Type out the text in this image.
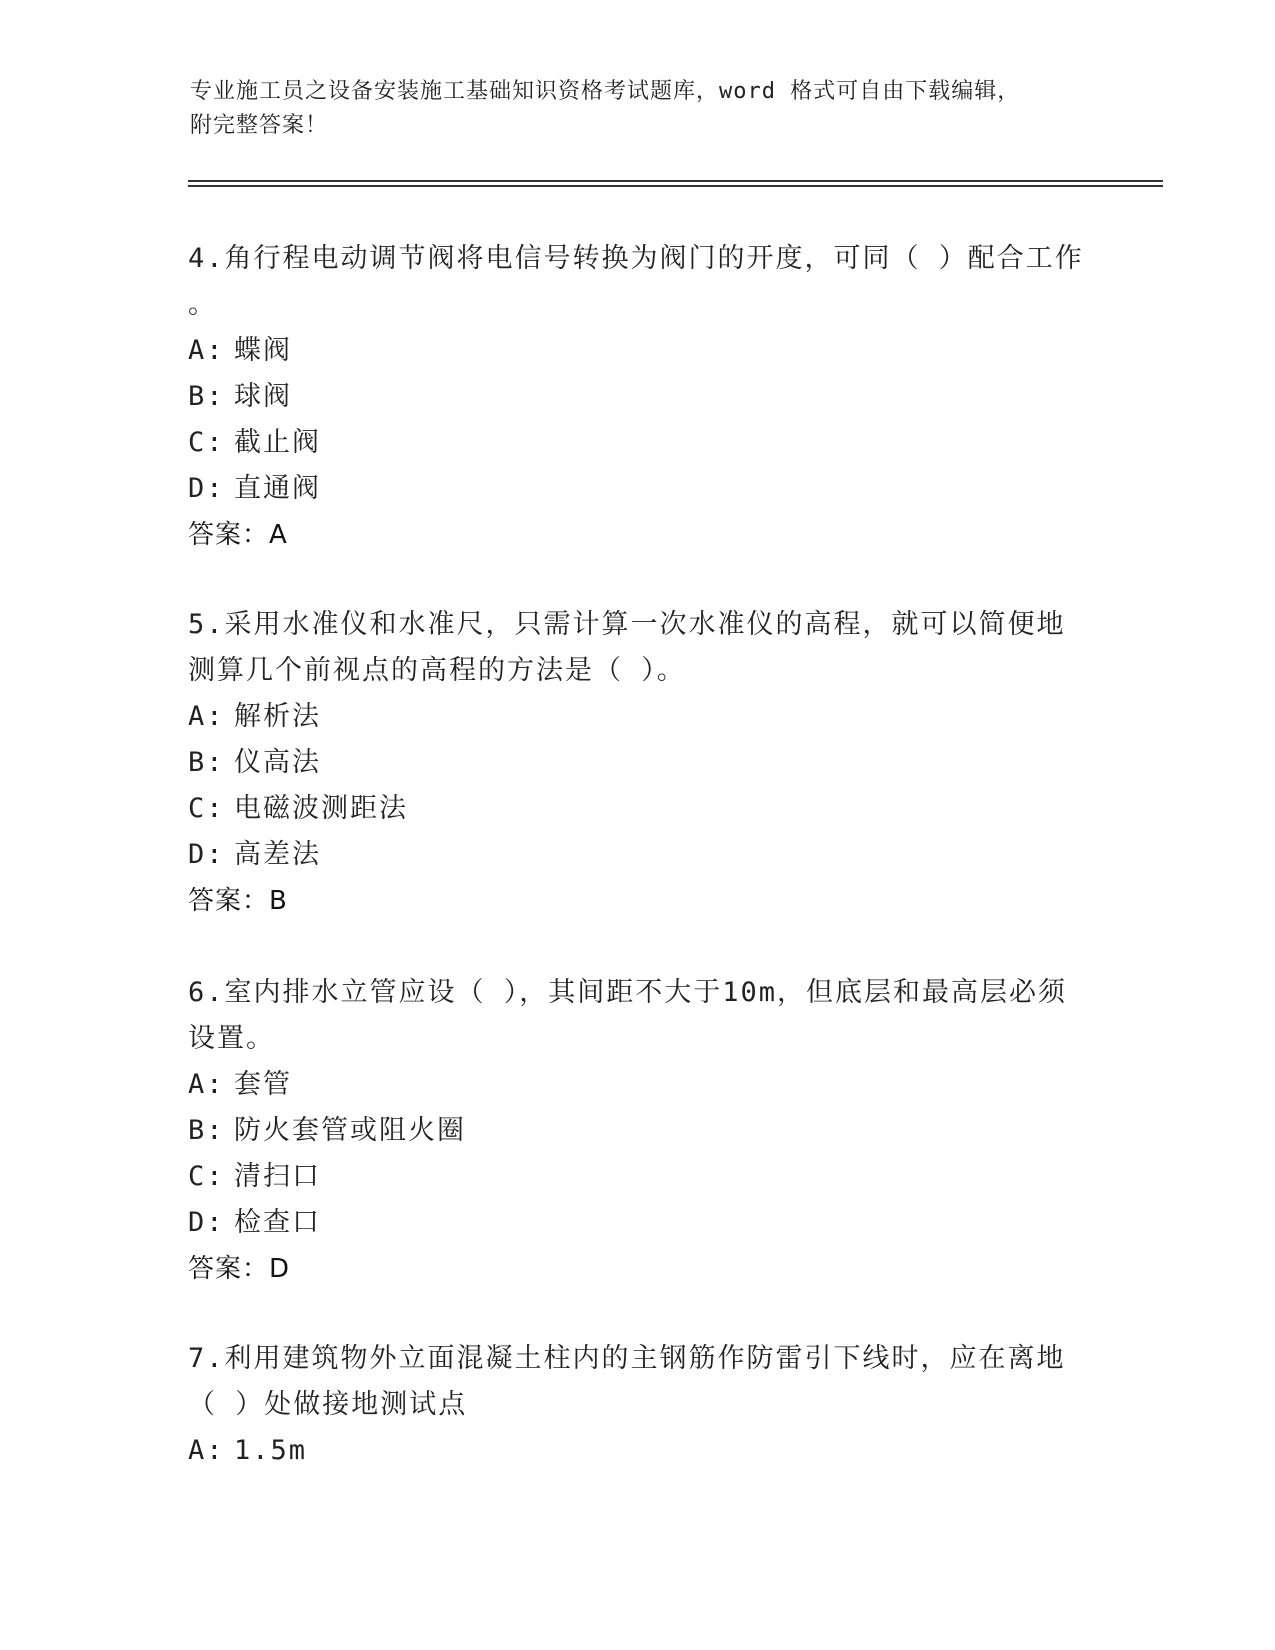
专业施工员之设备安装施工基础知识资格考试题库，word 格式可自由下载编辑，
附完整答案！

4.角行程电动调节阀将电信号转换为阀门的开度，可同（ ）配合工作

。

A: 蝶阀

B: 球阀

C: 截止阀

D: 直通阀

答案：A

5.采用水准仪和水准尺，只需计算一次水准仪的高程，就可以简便地

测算几个前视点的高程的方法是（ ）。

A: 解析法

B: 仪高法

C: 电磁波测距法

D: 高差法

答案：B

6.室内排水立管应设（ ），其间距不大于10m，但底层和最高层必须

设置。

A: 套管

B: 防火套管或阻火圈

C: 清扫口

D: 检查口

答案：D

7.利用建筑物外立面混凝土柱内的主钢筋作防雷引下线时，应在离地

（ ）处做接地测试点

A: 1.5m
